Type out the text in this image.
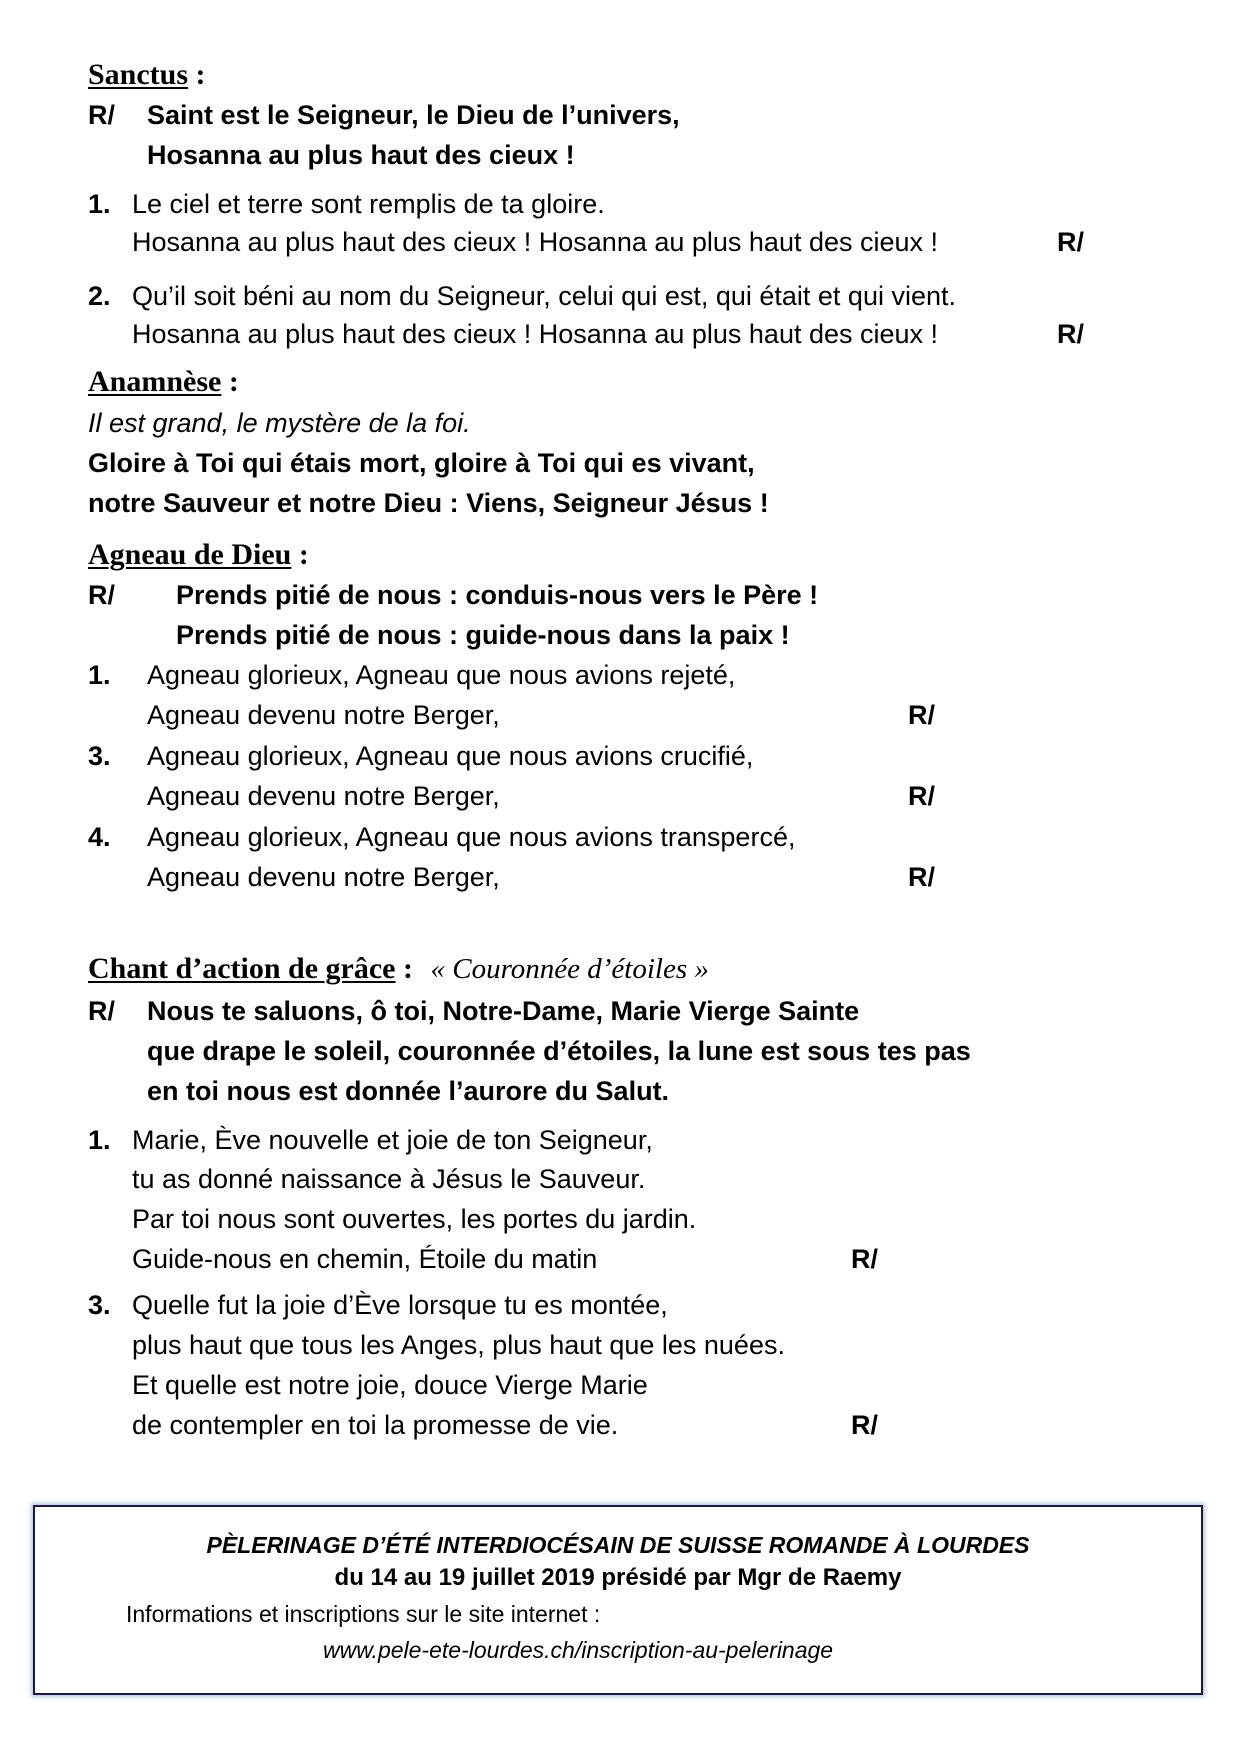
Sanctus :
R/ Saint est le Seigneur, le Dieu de l’univers,
Hosanna au plus haut des cieux !
1. Le ciel et terre sont remplis de ta gloire.
Hosanna au plus haut des cieux ! Hosanna au plus haut des cieux !	R/
2. Qu’il soit béni au nom du Seigneur, celui qui est, qui était et qui vient.
Hosanna au plus haut des cieux ! Hosanna au plus haut des cieux !	R/
Anamnèse :
Il est grand, le mystère de la foi.
Gloire à Toi qui étais mort, gloire à Toi qui es vivant,
notre Sauveur et notre Dieu : Viens, Seigneur Jésus !
Agneau de Dieu :
R/ Prends pitié de nous : conduis-nous vers le Père !
Prends pitié de nous : guide-nous dans la paix !
1. Agneau glorieux, Agneau que nous avions rejeté,
Agneau devenu notre Berger,	R/
3. Agneau glorieux, Agneau que nous avions crucifié,
Agneau devenu notre Berger,	R/
4. Agneau glorieux, Agneau que nous avions transpercé,
Agneau devenu notre Berger,	R/
Chant d’action de grâce : « Couronnée d’étoiles »
R/ Nous te saluons, ô toi, Notre-Dame, Marie Vierge Sainte
que drape le soleil, couronnée d’étoiles, la lune est sous tes pas
en toi nous est donnée l’aurore du Salut.
1. Marie, Ève nouvelle et joie de ton Seigneur,
tu as donné naissance à Jésus le Sauveur.
Par toi nous sont ouvertes, les portes du jardin.
Guide-nous en chemin, Étoile du matin	R/
3. Quelle fut la joie d’Ève lorsque tu es montée,
plus haut que tous les Anges, plus haut que les nuées.
Et quelle est notre joie, douce Vierge Marie
de contempler en toi la promesse de vie.	R/
PÈLERINAGE D’ÉTÉ INTERDIOCÉSAIN DE SUISSE ROMANDE À LOURDES
du 14 au 19 juillet 2019 présidé par Mgr de Raemy
Informations et inscriptions sur le site internet :
www.pele-ete-lourdes.ch/inscription-au-pelerinage
